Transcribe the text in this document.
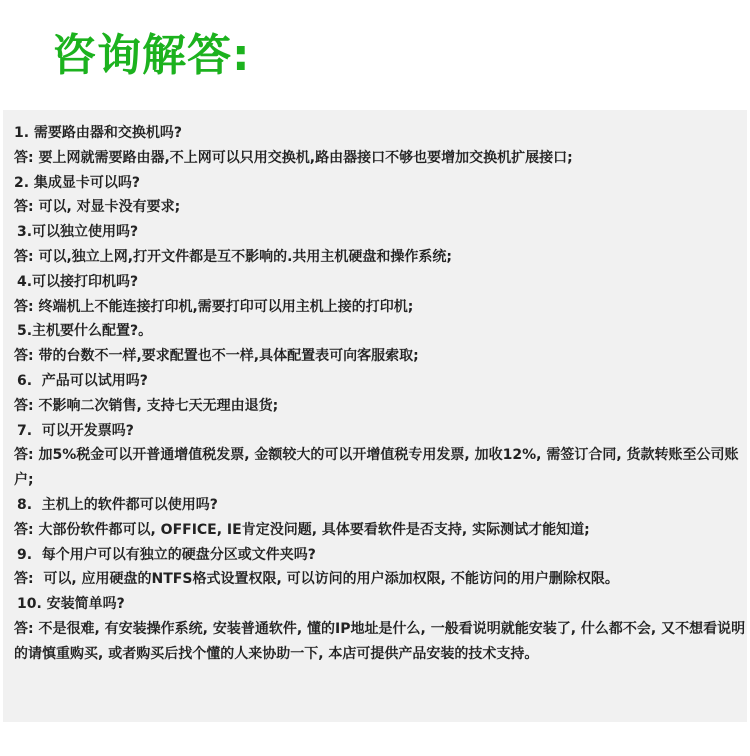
咨询解答:
1. 需要路由器和交换机吗?
答: 要上网就需要路由器,不上网可以只用交换机,路由器接口不够也要增加交换机扩展接口;
2. 集成显卡可以吗?
答: 可以, 对显卡没有要求;
3.可以独立使用吗?
答: 可以,独立上网,打开文件都是互不影响的.共用主机硬盘和操作系统;
4.可以接打印机吗?
答: 终端机上不能连接打印机,需要打印可以用主机上接的打印机;
5.主机要什么配置?。
答: 带的台数不一样,要求配置也不一样,具体配置表可向客服索取;
6.  产品可以试用吗?
答: 不影响二次销售, 支持七天无理由退货;
7.  可以开发票吗?
答: 加5%税金可以开普通增值税发票, 金额较大的可以开增值税专用发票, 加收12%, 需签订合同, 货款转账至公司账户;
8.  主机上的软件都可以使用吗?
答: 大部份软件都可以, OFFICE, IE肯定没问题, 具体要看软件是否支持, 实际测试才能知道;
9.  每个用户可以有独立的硬盘分区或文件夹吗?
答:  可以, 应用硬盘的NTFS格式设置权限, 可以访问的用户添加权限, 不能访问的用户删除权限。
10. 安装简单吗?
答: 不是很难, 有安装操作系统, 安装普通软件, 懂的IP地址是什么, 一般看说明就能安装了, 什么都不会, 又不想看说明的请慎重购买, 或者购买后找个懂的人来协助一下, 本店可提供产品安装的技术支持。
